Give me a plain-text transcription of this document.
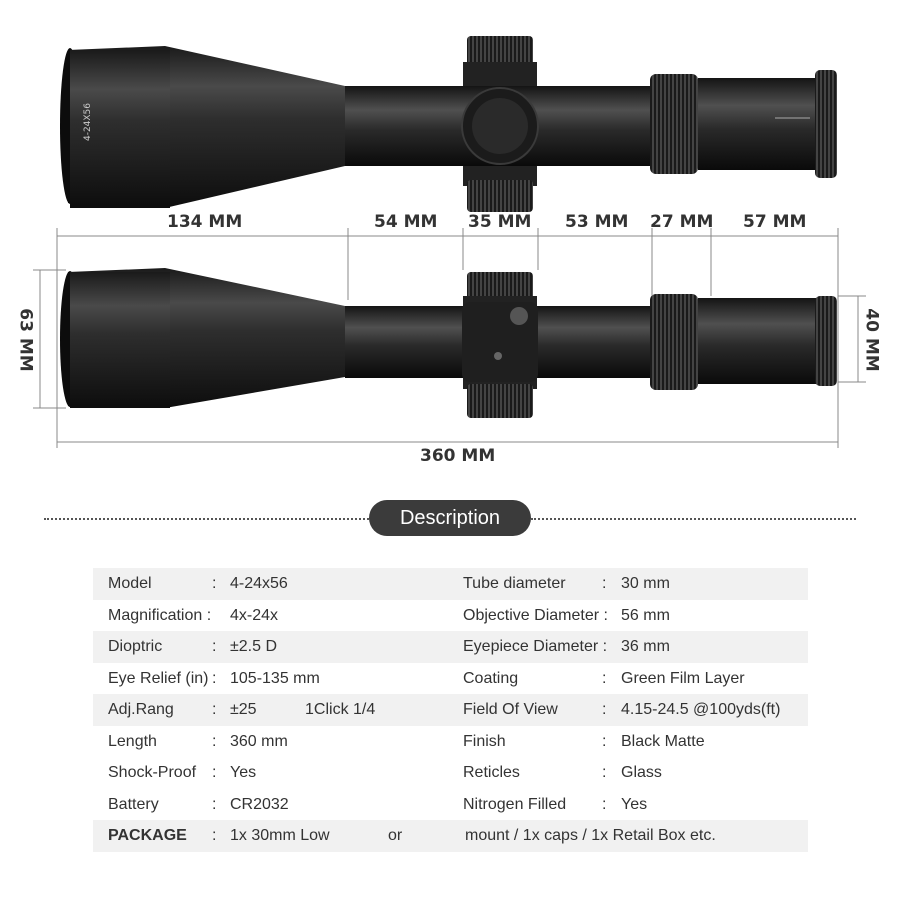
4-24X56
134 MM	54 MM 35 MM 53 MM 27 MM 57 MM
360 MM
63 MM	40 MM
Description
Model	: 4-24x56	Tube diameter : 30 mm
Magnification : 4x-24x	Objective Diameter : 56 mm
Dioptric	: ±2.5 D	Eyepiece Diameter : 36 mm
Eye Relief (in) : 105-135 mm	Coating	: Green Film Layer
Adj.Rang : ±25	1Click 1/4	Field Of View	: 4.15-24.5 @100yds(ft)
Length	: 360 mm	Finish	: Black Matte
Shock-Proof : Yes	Reticles	: Glass
Battery	: CR2032	Nitrogen Filled : Yes
PACKAGE : 1x 30mm Low	or	mount / 1x caps / 1x Retail Box etc.
